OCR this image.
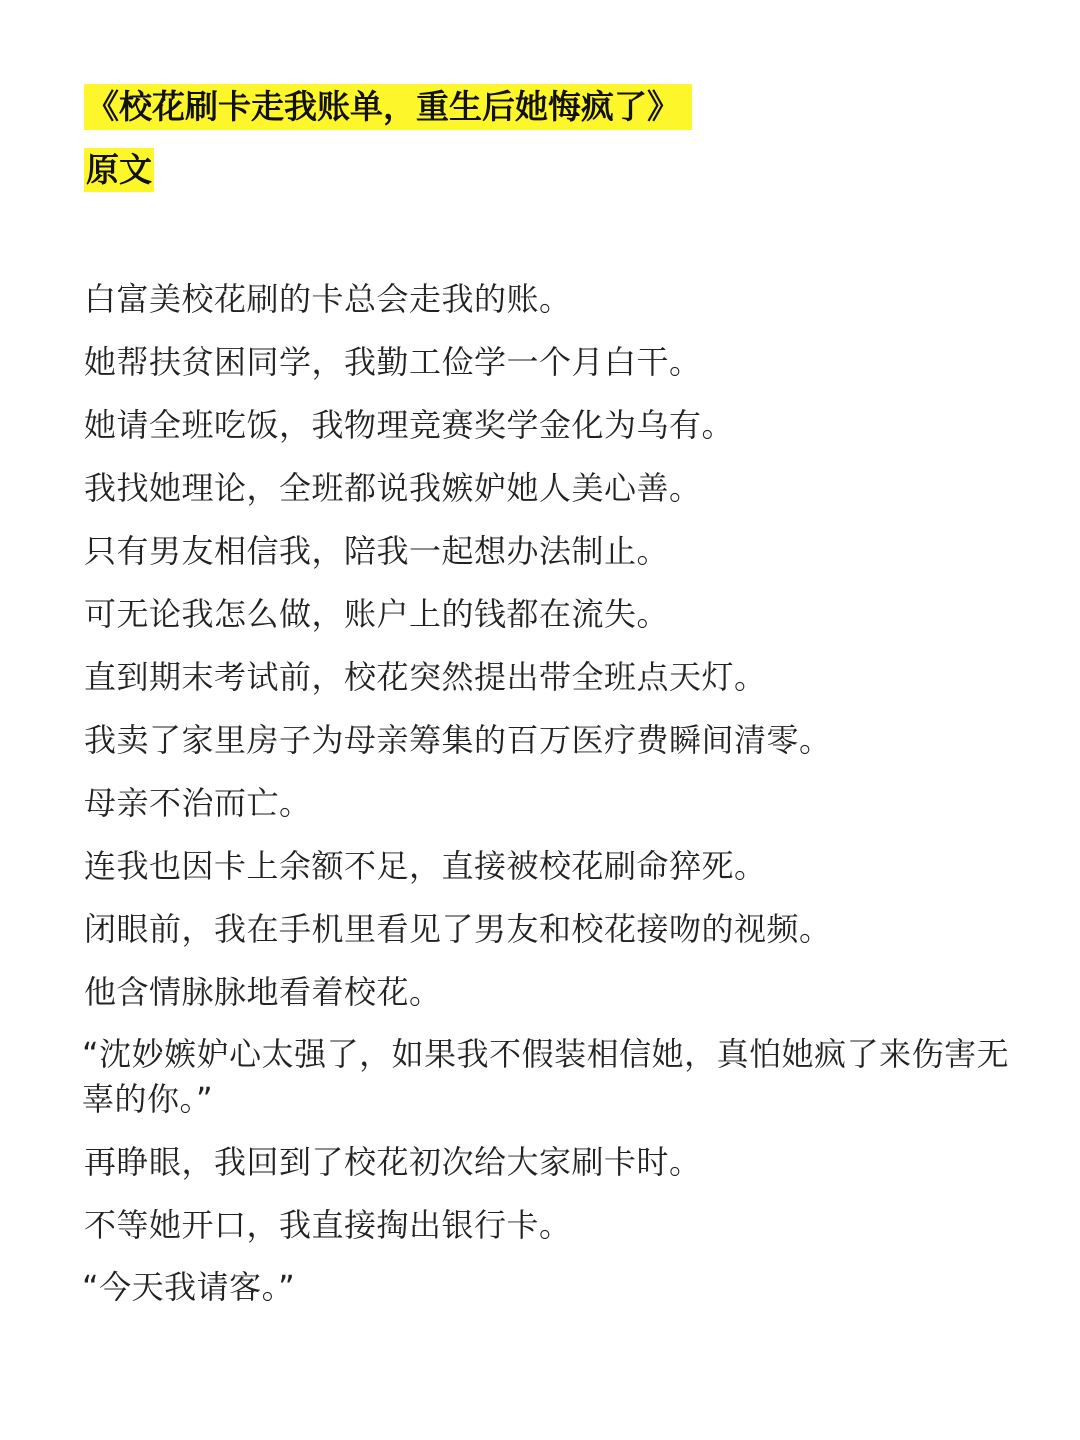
《校花刷卡走我账单，重生后她悔疯了》
原文

白富美校花刷的卡总会走我的账。

她帮扶贫困同学，我勤工俭学一个月白干。

她请全班吃饭，我物理竞赛奖学金化为乌有。

我找她理论，全班都说我嫉妒她人美心善。

只有男友相信我，陪我一起想办法制止。

可无论我怎么做，账户上的钱都在流失。

直到期末考试前，校花突然提出带全班点天灯。

我卖了家里房子为母亲筹集的百万医疗费瞬间清零。

母亲不治而亡。

连我也因卡上余额不足，直接被校花刷命猝死。

闭眼前，我在手机里看见了男友和校花接吻的视频。

他含情脉脉地看着校花。

“沈妙嫉妒心太强了，如果我不假装相信她，真怕她疯了来伤害无辜的你。”

再睁眼，我回到了校花初次给大家刷卡时。

不等她开口，我直接掏出银行卡。

“今天我请客。”
